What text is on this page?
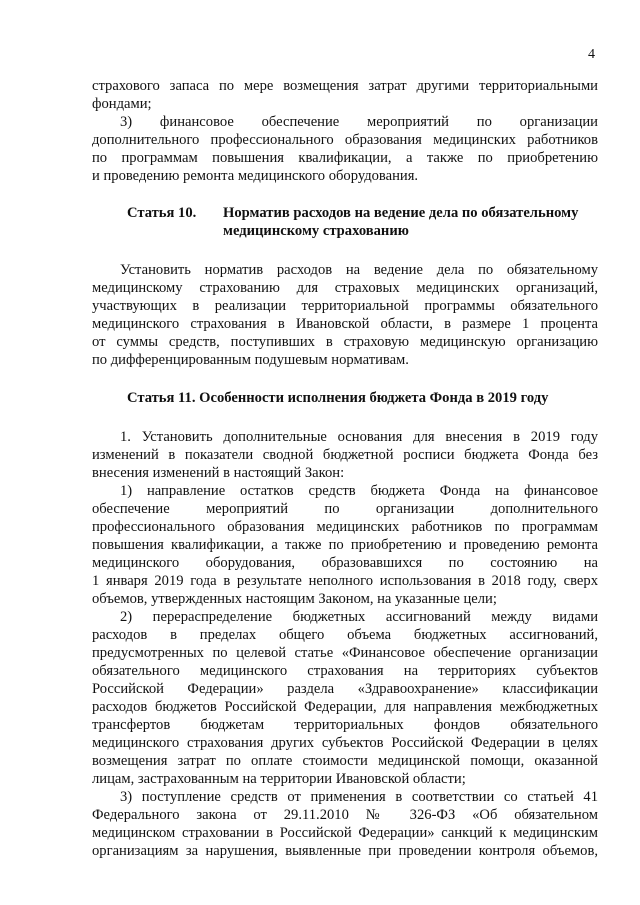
4
страхового запаса по мере возмещения затрат другими территориальными
фондами;
3) финансовое обеспечение мероприятий по организации
дополнительного профессионального образования медицинских работников
по программам повышения квалификации, а также по приобретению
и проведению ремонта медицинского оборудования.
Статья 10. Норматив расходов на ведение дела по обязательному
медицинскому страхованию
Установить норматив расходов на ведение дела по обязательному
медицинскому страхованию для страховых медицинских организаций,
участвующих в реализации территориальной программы обязательного
медицинского страхования в Ивановской области, в размере 1 процента
от суммы средств, поступивших в страховую медицинскую организацию
по дифференцированным подушевым нормативам.
Статья 11. Особенности исполнения бюджета Фонда в 2019 году
1. Установить дополнительные основания для внесения в 2019 году
изменений в показатели сводной бюджетной росписи бюджета Фонда без
внесения изменений в настоящий Закон:
1) направление остатков средств бюджета Фонда на финансовое
обеспечение мероприятий по организации дополнительного
профессионального образования медицинских работников по программам
повышения квалификации, а также по приобретению и проведению ремонта
медицинского оборудования, образовавшихся по состоянию на
1 января 2019 года в результате неполного использования в 2018 году, сверх
объемов, утвержденных настоящим Законом, на указанные цели;
2) перераспределение бюджетных ассигнований между видами
расходов в пределах общего объема бюджетных ассигнований,
предусмотренных по целевой статье «Финансовое обеспечение организации
обязательного медицинского страхования на территориях субъектов
Российской Федерации» раздела «Здравоохранение» классификации
расходов бюджетов Российской Федерации, для направления межбюджетных
трансфертов бюджетам территориальных фондов обязательного
медицинского страхования других субъектов Российской Федерации в целях
возмещения затрат по оплате стоимости медицинской помощи, оказанной
лицам, застрахованным на территории Ивановской области;
3) поступление средств от применения в соответствии со статьей 41
Федерального закона от 29.11.2010 № 326-ФЗ «Об обязательном
медицинском страховании в Российской Федерации» санкций к медицинским
организациям за нарушения, выявленные при проведении контроля объемов,
